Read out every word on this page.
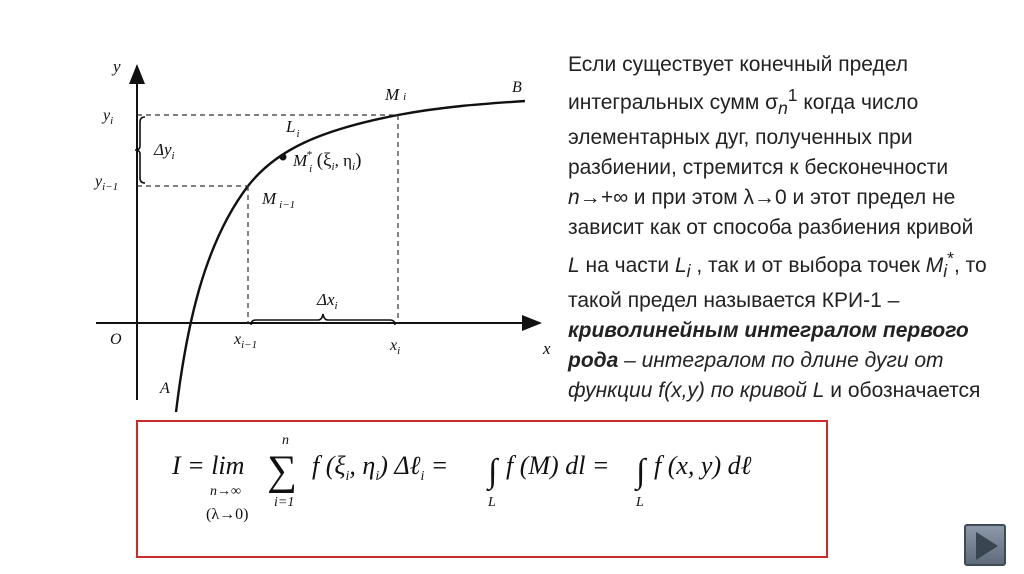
y
x
O
A
B
Mi
M $_{i-1}$
$L_i$
M $_i$* ($\xi_i$, $\eta_i$)
$y_i$
$y_{i-1}$
$\Delta y_i$
$\Delta x_i$
$x_{i-1}$	$x_i$
Если существует конечный предел интегральных сумм $\sigma_n^1$ когда число элементарных дуг, полученных при разбиении, стремится к бесконечности n→+∞ и при этом λ→0 и этот предел не зависит как от способа разбиения кривой L на части $L_i$ , так и от выбора точек $M_i^*$, то такой предел называется КРИ-1 – криволинейным интегралом первого рода – интегралом по длине дуги от функции f(x,y) по кривой L и обозначается
I = lim
n→∞
(λ→0)
n
∑
i=1
f ($\xi_i$, $\eta_i$) Δℓ$_i$ = ∫
L
f (M) dl = ∫
L
f (x, y) dℓ
